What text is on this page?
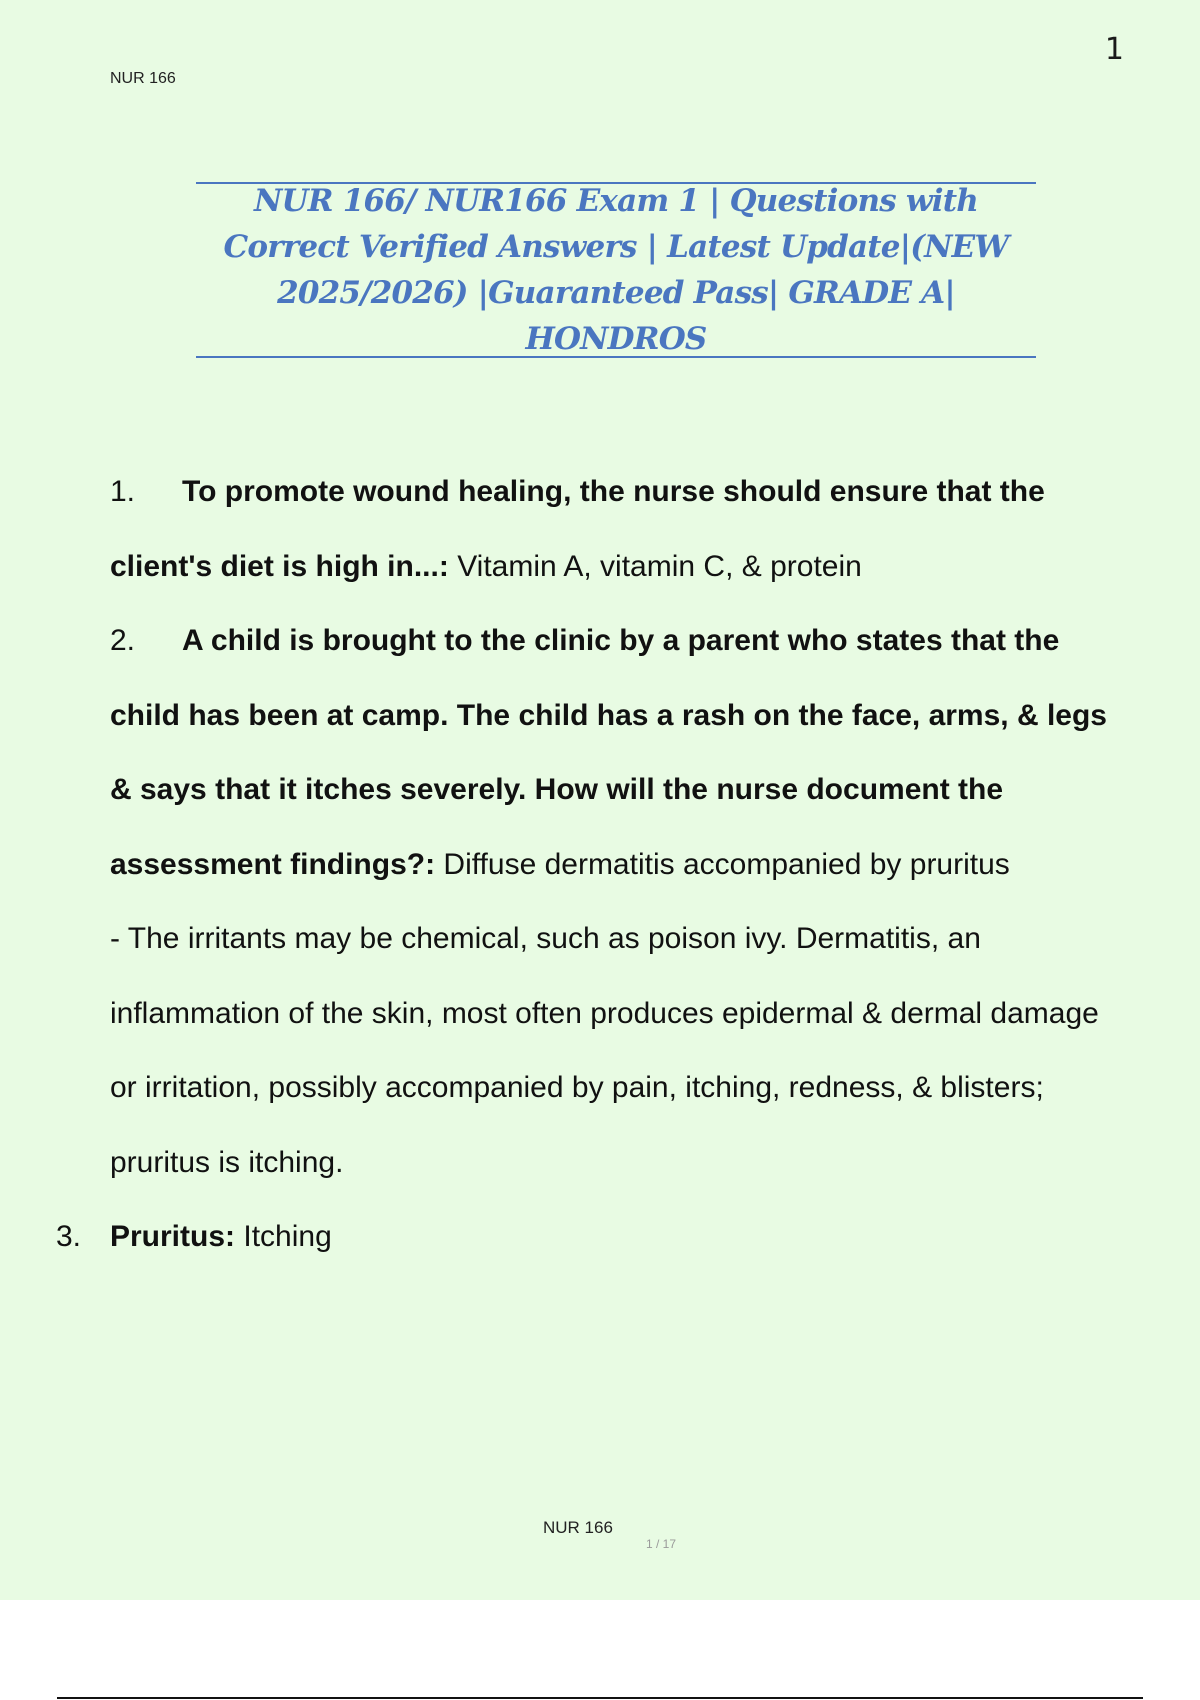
1
NUR 166

NUR 166/ NUR166 Exam 1 | Questions with Correct Verified Answers | Latest Update|(NEW 2025/2026) |Guaranteed Pass| GRADE A| HONDROS

1. To promote wound healing, the nurse should ensure that the client's diet is high in...: Vitamin A, vitamin C, & protein

2. A child is brought to the clinic by a parent who states that the child has been at camp. The child has a rash on the face, arms, & legs & says that it itches severely. How will the nurse document the assessment findings?: Diffuse dermatitis accompanied by pruritus

- The irritants may be chemical, such as poison ivy. Dermatitis, an inflammation of the skin, most often produces epidermal & dermal damage or irritation, possibly accompanied by pain, itching, redness, & blisters; pruritus is itching.

3. Pruritus: Itching

NUR 166
1 / 17
